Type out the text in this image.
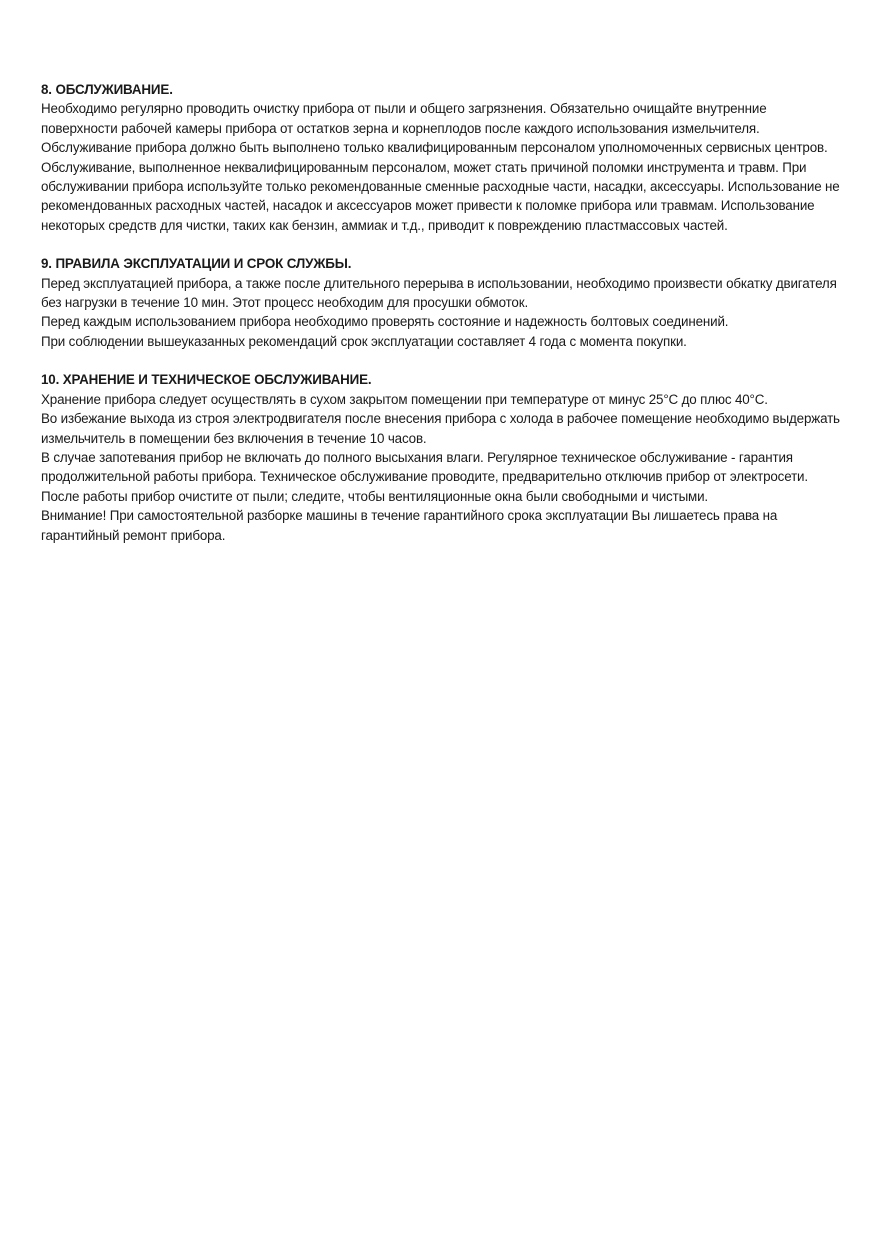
8. ОБСЛУЖИВАНИЕ.

Необходимо регулярно проводить очистку прибора от пыли и общего загрязнения. Обязательно очищайте внутренние поверхности рабочей камеры прибора от остатков зерна и корнеплодов после каждого использования измельчителя.

Обслуживание прибора должно быть выполнено только квалифицированным персоналом уполномоченных сервисных центров. Обслуживание, выполненное неквалифицированным персоналом, может стать причиной поломки инструмента и травм. При обслуживании прибора используйте только рекомендованные сменные расходные части, насадки, аксессуары. Использование не рекомендованных расходных частей, насадок и аксессуаров может привести к поломке прибора или травмам. Использование некоторых средств для чистки, таких как бензин, аммиак и т.д., приводит к повреждению пластмассовых частей.

9. ПРАВИЛА ЭКСПЛУАТАЦИИ И СРОК СЛУЖБЫ.

Перед эксплуатацией прибора, а также после длительного перерыва в использовании, необходимо произвести обкатку двигателя без нагрузки в течение 10 мин. Этот процесс необходим для просушки обмоток.

Перед каждым использованием прибора необходимо проверять состояние и надежность болтовых соединений.

При соблюдении вышеуказанных рекомендаций срок эксплуатации составляет 4 года с момента покупки.

10. ХРАНЕНИЕ И ТЕХНИЧЕСКОЕ ОБСЛУЖИВАНИЕ.

Хранение прибора следует осуществлять в сухом закрытом помещении при температуре от минус 25°C до плюс 40°C.

Во избежание выхода из строя электродвигателя после внесения прибора с холода в рабочее помещение необходимо выдержать измельчитель в помещении без включения в течение 10 часов.

В случае запотевания прибор не включать до полного высыхания влаги. Регулярное техническое обслуживание - гарантия продолжительной работы прибора. Техническое обслуживание проводите, предварительно отключив прибор от электросети.

После работы прибор очистите от пыли; следите, чтобы вентиляционные окна были свободными и чистыми.

Внимание! При самостоятельной разборке машины в течение гарантийного срока эксплуатации Вы лишаетесь права на гарантийный ремонт прибора.
